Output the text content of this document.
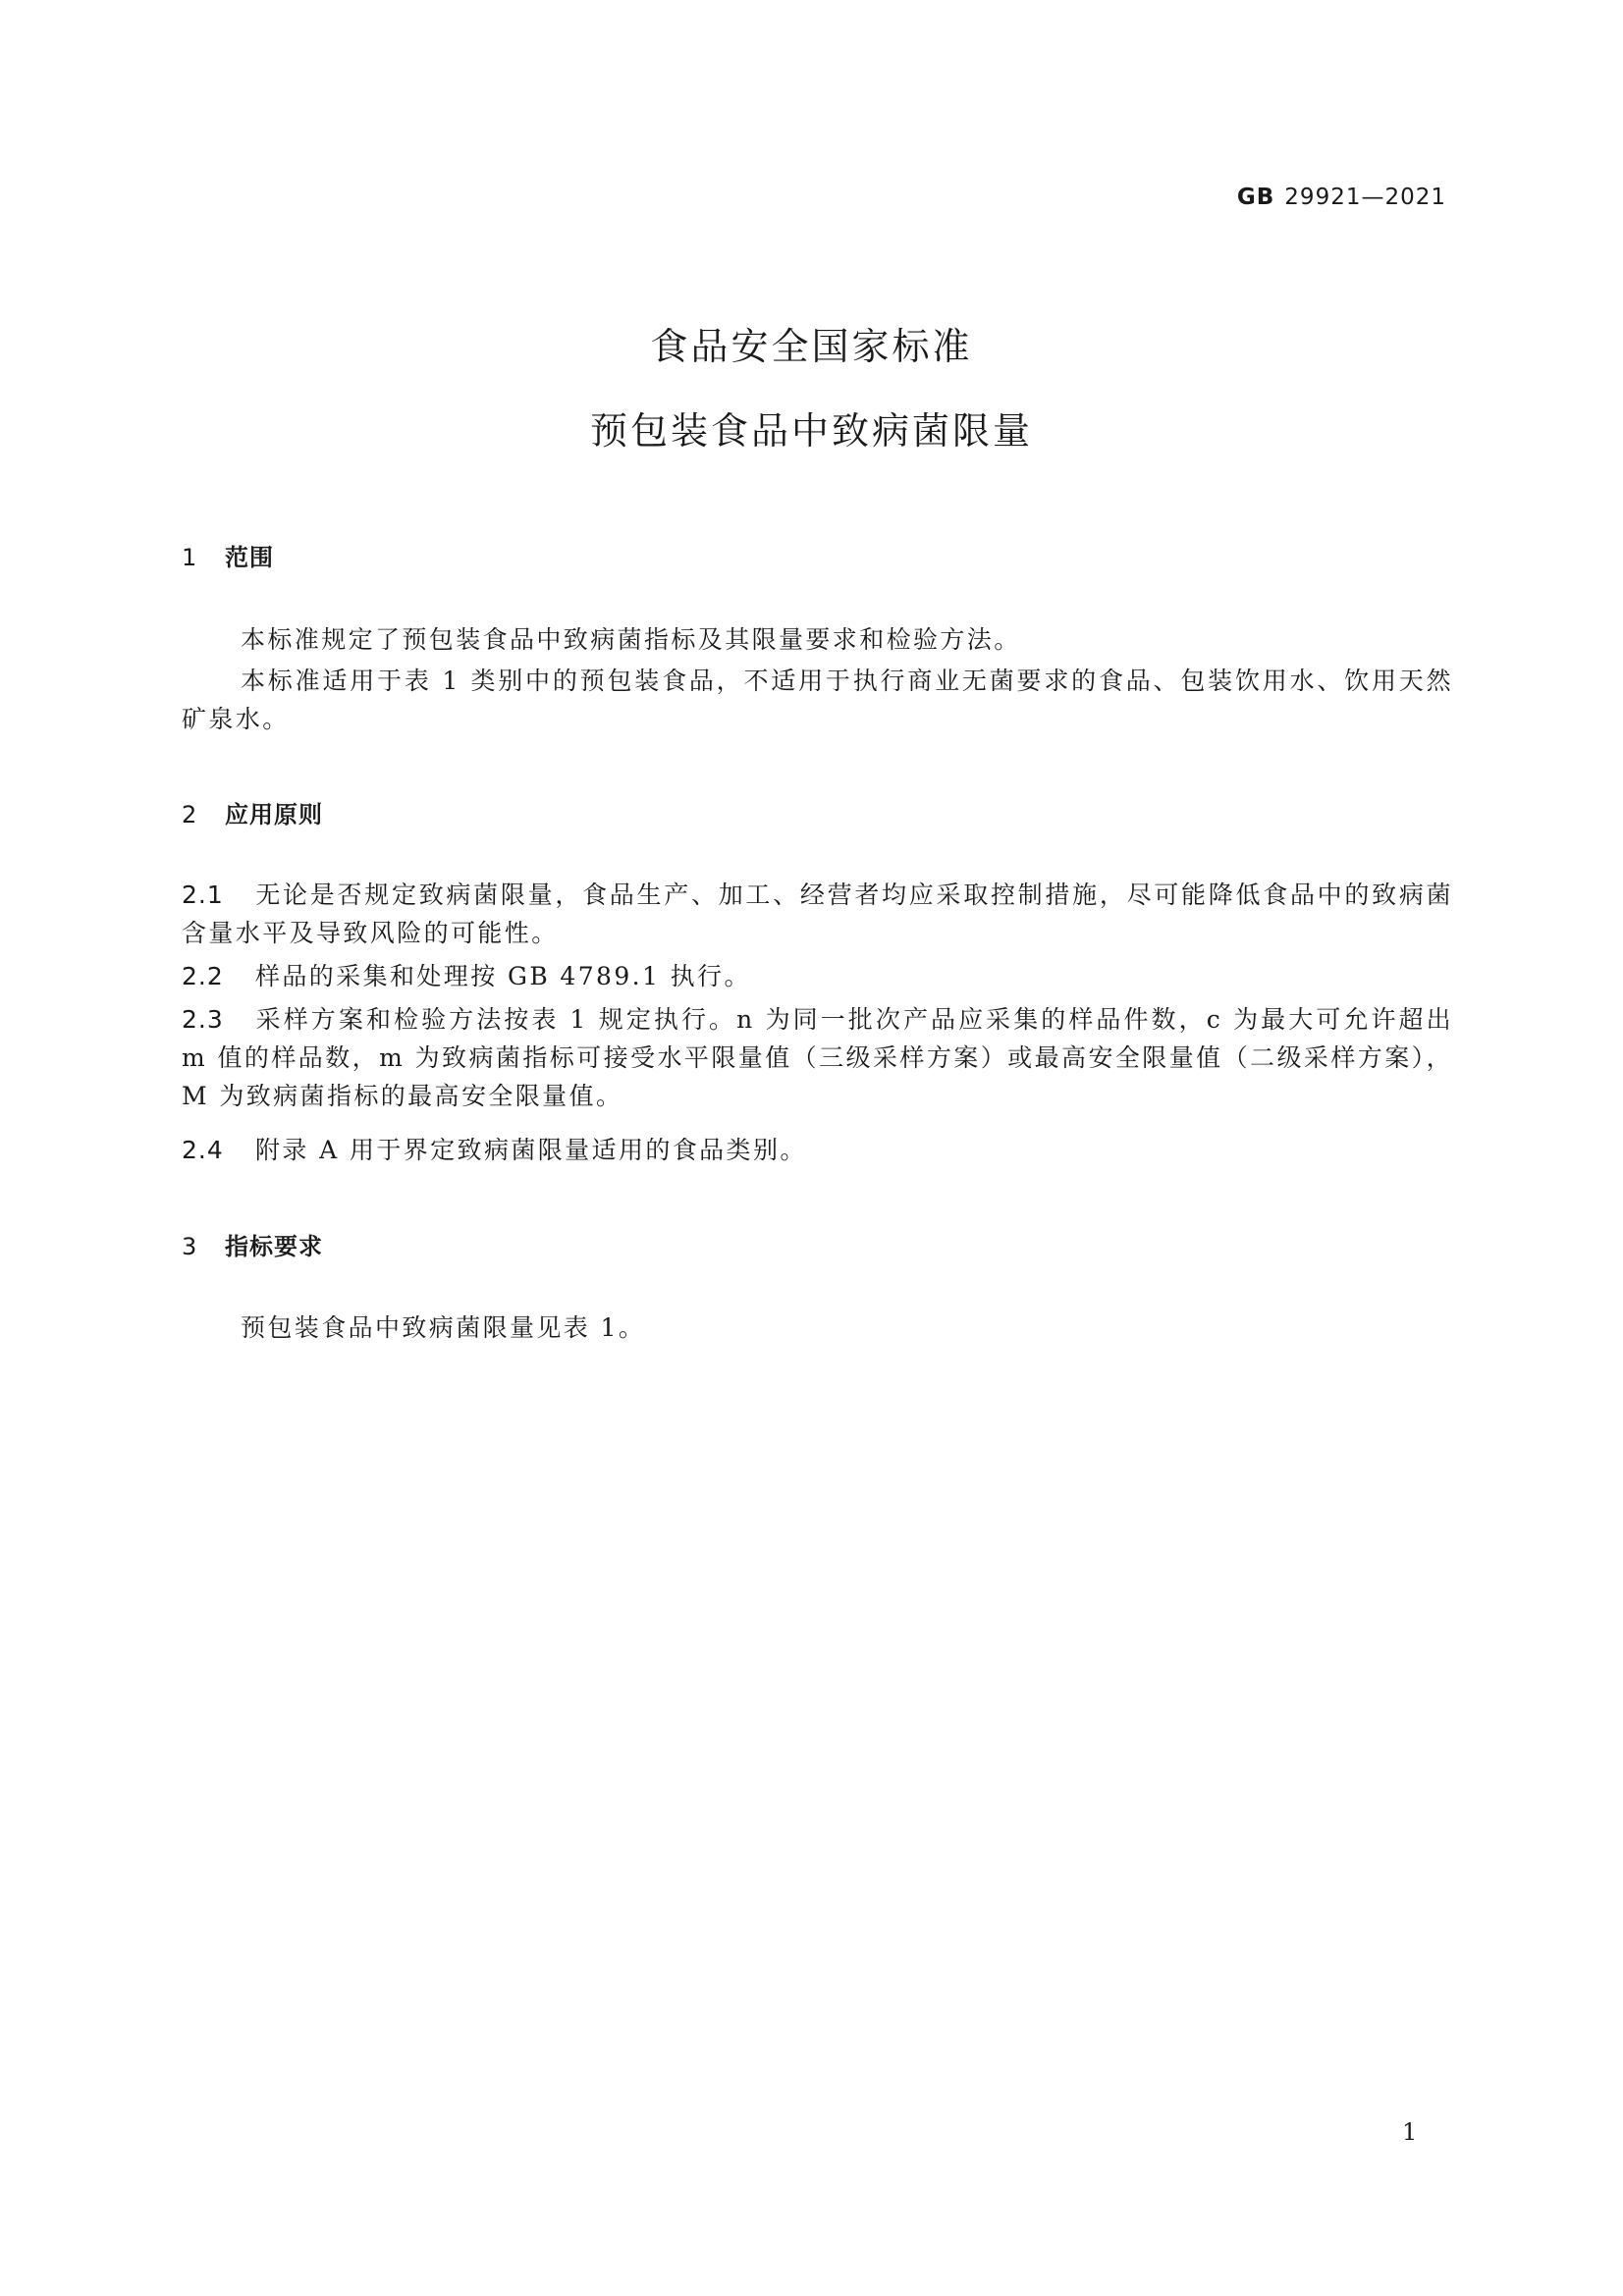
GB 29921—2021
食品安全国家标准
预包装食品中致病菌限量
1 范围
本标准规定了预包装食品中致病菌指标及其限量要求和检验方法。
本标准适用于表 1 类别中的预包装食品，不适用于执行商业无菌要求的食品、包装饮用水、饮用天然矿泉水。
2 应用原则
2.1 无论是否规定致病菌限量，食品生产、加工、经营者均应采取控制措施，尽可能降低食品中的致病菌含量水平及导致风险的可能性。
2.2 样品的采集和处理按 GB 4789.1 执行。
2.3 采样方案和检验方法按表 1 规定执行。n 为同一批次产品应采集的样品件数，c 为最大可允许超出 m 值的样品数，m 为致病菌指标可接受水平限量值（三级采样方案）或最高安全限量值（二级采样方案），M 为致病菌指标的最高安全限量值。
2.4 附录 A 用于界定致病菌限量适用的食品类别。
3 指标要求
预包装食品中致病菌限量见表 1。
1
